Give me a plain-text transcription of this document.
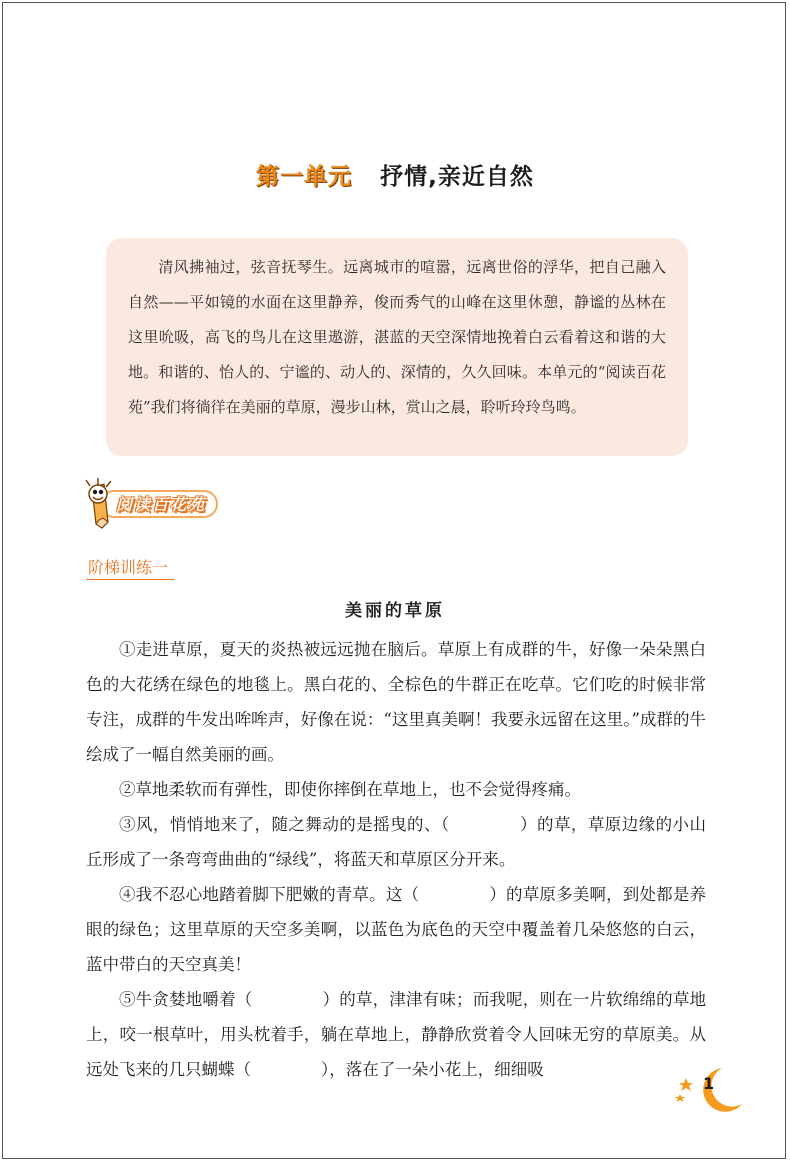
第一单元 抒情,亲近自然
清风拂袖过，弦音抚琴生。远离城市的喧嚣，远离世俗的浮华，把自己融入自然——平如镜的水面在这里静养，俊而秀气的山峰在这里休憩，静谧的丛林在这里吮吸，高飞的鸟儿在这里遨游，湛蓝的天空深情地挽着白云看着这和谐的大地。和谐的、怡人的、宁谧的、动人的、深情的，久久回味。本单元的“阅读百花苑”我们将徜徉在美丽的草原，漫步山林，赏山之晨，聆听玲玲鸟鸣。
阅读百花苑
阶梯训练一
美丽的草原

①走进草原，夏天的炎热被远远抛在脑后。草原上有成群的牛，好像一朵朵黑白色的大花绣在绿色的地毯上。黑白花的、全棕色的牛群正在吃草。它们吃的时候非常专注，成群的牛发出哞哞声，好像在说：“这里真美啊！我要永远留在这里。”成群的牛绘成了一幅自然美丽的画。

②草地柔软而有弹性，即使你摔倒在草地上，也不会觉得疼痛。

③风，悄悄地来了，随之舞动的是摇曳的、（	）的草，草原边缘的小山丘形成了一条弯弯曲曲的“绿线”，将蓝天和草原区分开来。

④我不忍心地踏着脚下肥嫩的青草。这（	）的草原多美啊，到处都是养眼的绿色；这里草原的天空多美啊，以蓝色为底色的天空中覆盖着几朵悠悠的白云，蓝中带白的天空真美！

⑤牛贪婪地嚼着（	）的草，津津有味；而我呢，则在一片软绵绵的草地上，咬一根草叶，用头枕着手，躺在草地上，静静欣赏着令人回味无穷的草原美。从远处飞来的几只蝴蝶（	），落在了一朵小花上，细细吸

1
